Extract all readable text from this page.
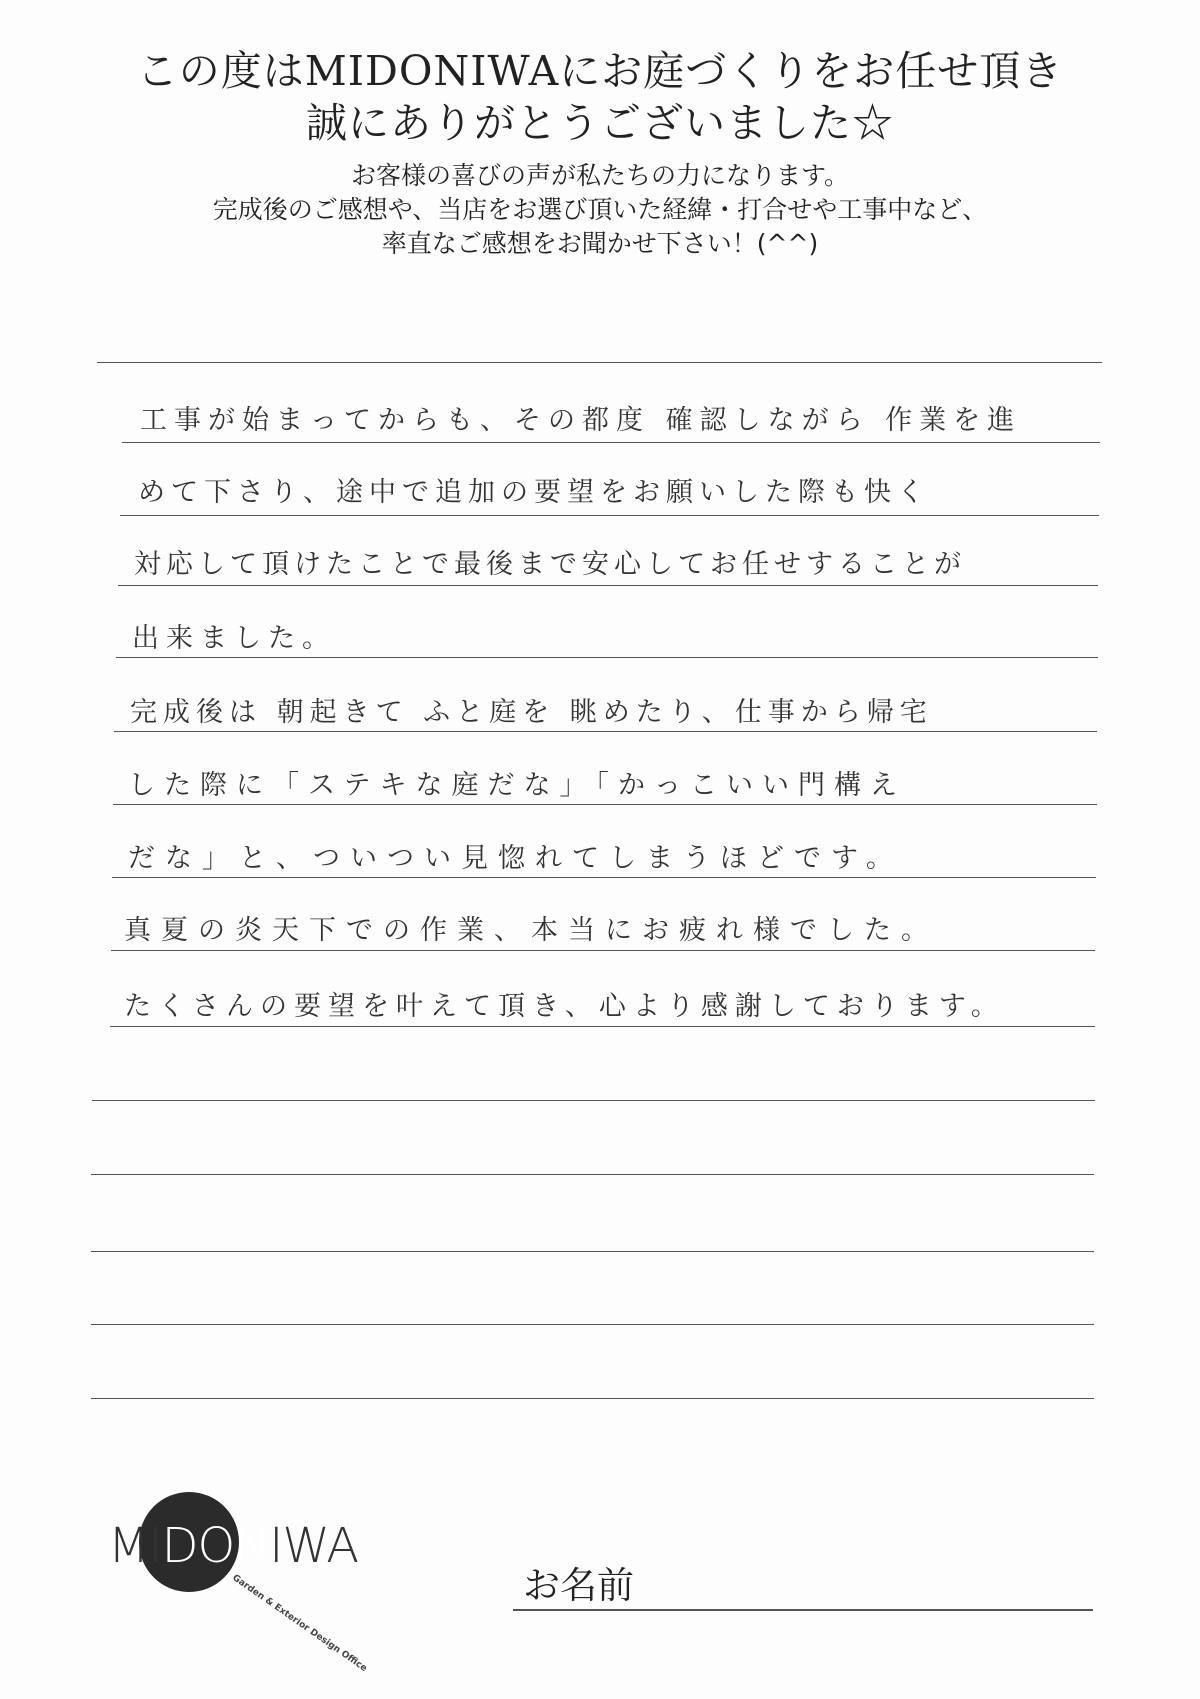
この度はMIDONIWAにお庭づくりをお任せ頂き
誠にありがとうございました☆
お客様の喜びの声が私たちの力になります。
完成後のご感想や、当店をお選び頂いた経緯・打合せや工事中など、
率直なご感想をお聞かせ下さい！(^^)
工事が始まってからも、その都度 確認しながら 作業を進
めて下さり、途中で追加の要望をお願いした際も快く
対応して頂けたことで最後まで安心してお任せすることが
出来ました。
完成後は 朝起きて ふと庭を 眺めたり、仕事から帰宅
した際に「ステキな庭だな」「かっこいい門構え
だな」と、ついつい見惚れてしまうほどです。
真夏の炎天下での作業、本当にお疲れ様でした。
たくさんの要望を叶えて頂き、心より感謝しております。
MIDONIWA
Garden & Exterior Design Office	お名前
